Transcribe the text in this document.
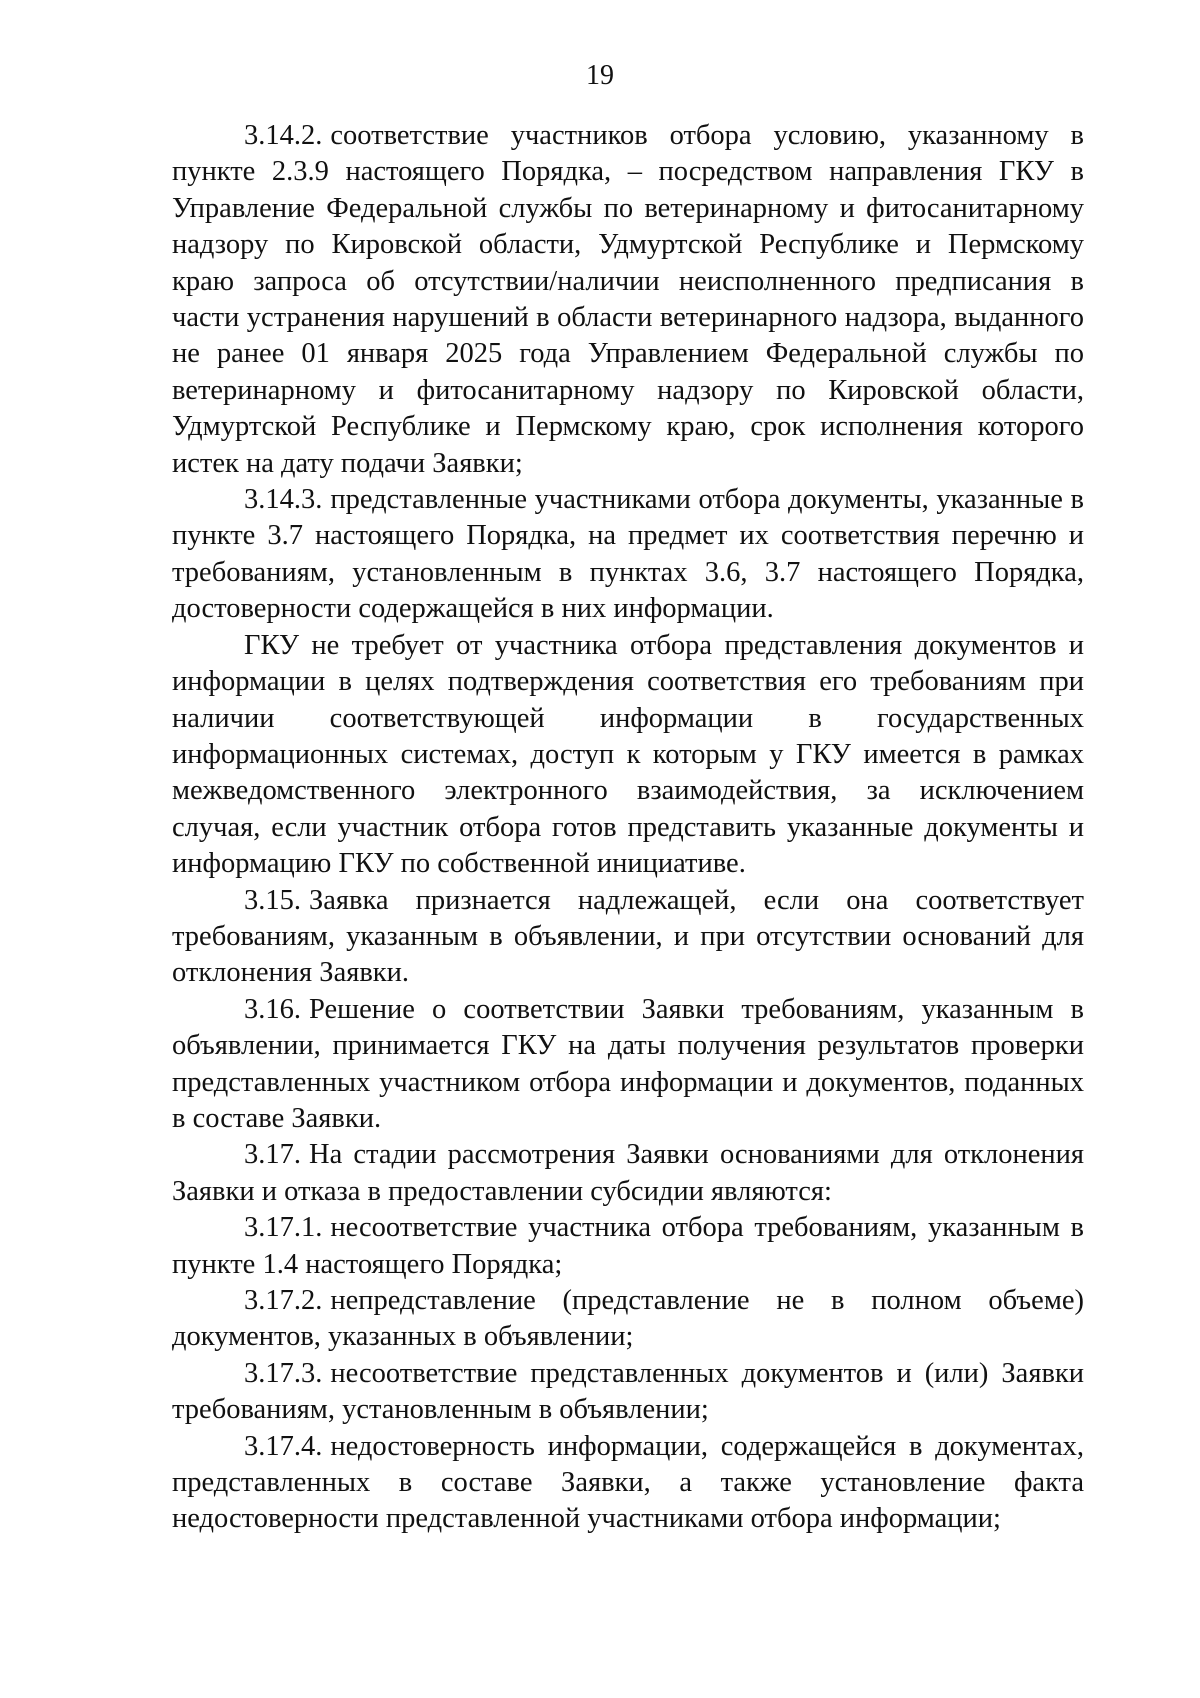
19

3.14.2. соответствие участников отбора условию, указанному в пункте 2.3.9 настоящего Порядка, – посредством направления ГКУ в Управление Федеральной службы по ветеринарному и фитосанитарному надзору по Кировской области, Удмуртской Республике и Пермскому краю запроса об отсутствии/наличии неисполненного предписания в части устранения нарушений в области ветеринарного надзора, выданного не ранее 01 января 2025 года Управлением Федеральной службы по ветеринарному и фитосанитарному надзору по Кировской области, Удмуртской Республике и Пермскому краю, срок исполнения которого истек на дату подачи Заявки;

3.14.3. представленные участниками отбора документы, указанные в пункте 3.7 настоящего Порядка, на предмет их соответствия перечню и требованиям, установленным в пунктах 3.6, 3.7 настоящего Порядка, достоверности содержащейся в них информации.

ГКУ не требует от участника отбора представления документов и информации в целях подтверждения соответствия его требованиям при наличии соответствующей информации в государственных информационных системах, доступ к которым у ГКУ имеется в рамках межведомственного электронного взаимодействия, за исключением случая, если участник отбора готов представить указанные документы и информацию ГКУ по собственной инициативе.

3.15. Заявка признается надлежащей, если она соответствует требованиям, указанным в объявлении, и при отсутствии оснований для отклонения Заявки.

3.16. Решение о соответствии Заявки требованиям, указанным в объявлении, принимается ГКУ на даты получения результатов проверки представленных участником отбора информации и документов, поданных в составе Заявки.

3.17. На стадии рассмотрения Заявки основаниями для отклонения Заявки и отказа в предоставлении субсидии являются:

3.17.1. несоответствие участника отбора требованиям, указанным в пункте 1.4 настоящего Порядка;

3.17.2. непредставление (представление не в полном объеме) документов, указанных в объявлении;

3.17.3. несоответствие представленных документов и (или) Заявки требованиям, установленным в объявлении;

3.17.4. недостоверность информации, содержащейся в документах, представленных в составе Заявки, а также установление факта недостоверности представленной участниками отбора информации;
